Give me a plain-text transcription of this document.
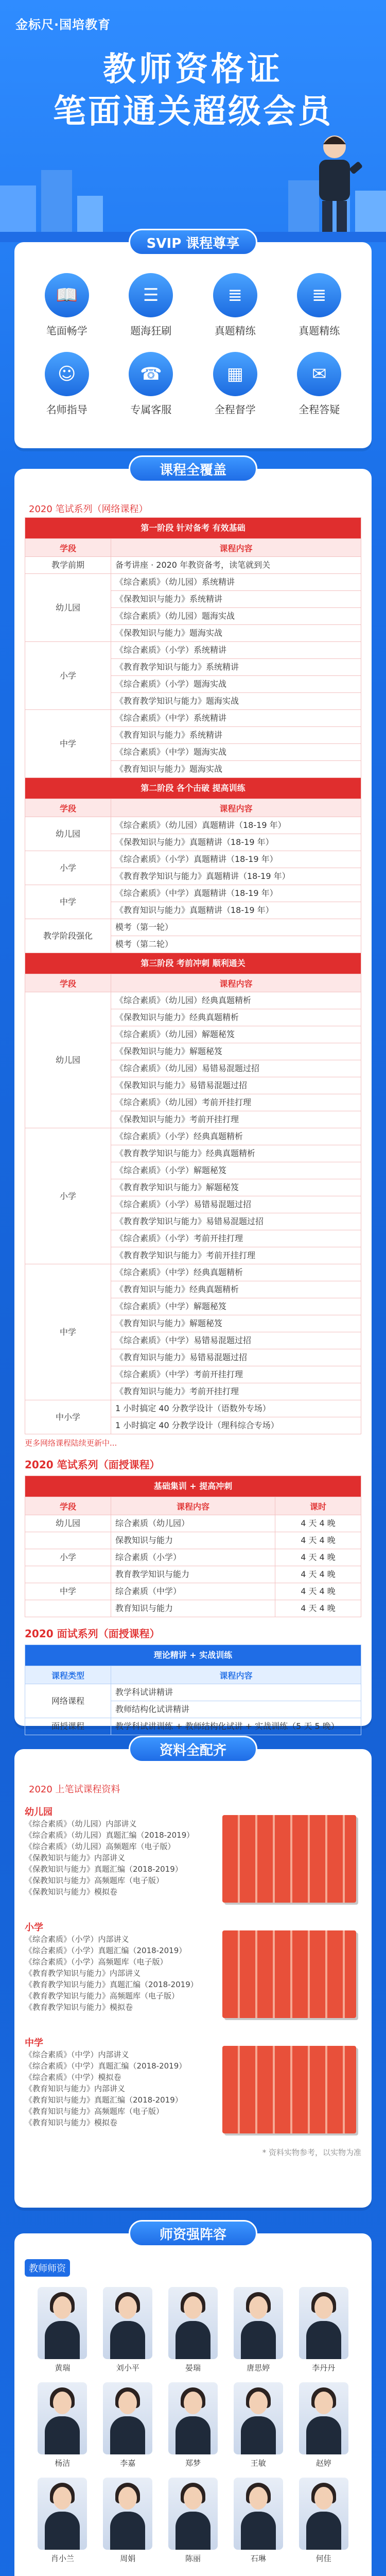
金标尺·国培教育
教师资格证
笔面通关超级会员
SVIP 课程尊享
📖
笔面畅学
☰
题海狂刷
≣
真题精练
≣
真题精练
☺
名师指导
☎
专属客服
▦
全程督学
✉
全程答疑
课程全覆盖
2020 笔试系列（网络课程）
第一阶段 针对备考 有效基础	
学段	课程内容
教学前期	备考讲座 · 2020 年教资备考，读笔就到关
幼儿园	《综合素质》（幼儿园）系统精讲
	《保教知识与能力》系统精讲
	《综合素质》（幼儿园）题海实战
	《保教知识与能力》题海实战
小学	《综合素质》（小学）系统精讲
	《教育教学知识与能力》系统精讲
	《综合素质》（小学）题海实战
	《教育教学知识与能力》题海实战
中学	《综合素质》（中学）系统精讲
	《教育知识与能力》系统精讲
	《综合素质》（中学）题海实战
	《教育知识与能力》题海实战
第二阶段 各个击破 提高训练	
学段	课程内容
幼儿园	《综合素质》（幼儿园）真题精讲（18-19 年）
	《保教知识与能力》真题精讲（18-19 年）
小学	《综合素质》（小学）真题精讲（18-19 年）
	《教育教学知识与能力》真题精讲（18-19 年）
中学	《综合素质》（中学）真题精讲（18-19 年）
	《教育知识与能力》真题精讲（18-19 年）
教学阶段强化	模考（第一轮）
	模考（第二轮）
第三阶段 考前冲刺 顺利通关	
学段	课程内容
幼儿园	《综合素质》（幼儿园）经典真题精析
	《保教知识与能力》经典真题精析
	《综合素质》（幼儿园）解题秘笈
	《保教知识与能力》解题秘笈
	《综合素质》（幼儿园）易错易混题过招
	《保教知识与能力》易错易混题过招
	《综合素质》（幼儿园）考前开挂打理
	《保教知识与能力》考前开挂打理
小学	《综合素质》（小学）经典真题精析
	《教育教学知识与能力》经典真题精析
	《综合素质》（小学）解题秘笈
	《教育教学知识与能力》解题秘笈
	《综合素质》（小学）易错易混题过招
	《教育教学知识与能力》易错易混题过招
	《综合素质》（小学）考前开挂打理
	《教育教学知识与能力》考前开挂打理
中学	《综合素质》（中学）经典真题精析
	《教育知识与能力》经典真题精析
	《综合素质》（中学）解题秘笈
	《教育知识与能力》解题秘笈
	《综合素质》（中学）易错易混题过招
	《教育知识与能力》易错易混题过招
	《综合素质》（中学）考前开挂打理
	《教育知识与能力》考前开挂打理
中小学	1 小时搞定 40 分教学设计（语数外专场）
	1 小时搞定 40 分教学设计（理科综合专场）
更多网络课程陆续更新中...
2020 笔试系列（面授课程）
基础集训 + 提高冲刺		
学段	课程内容	课时
幼儿园	综合素质（幼儿园）	4 天 4 晚
	保教知识与能力	4 天 4 晚
小学	综合素质（小学）	4 天 4 晚
	教育教学知识与能力	4 天 4 晚
中学	综合素质（中学）	4 天 4 晚
	教育知识与能力	4 天 4 晚
2020 面试系列（面授课程）
理论精讲 + 实战训练	
课程类型	课程内容
网络课程	教学科试讲精讲
	教师结构化试讲精讲
面授课程	教学科试讲训练 + 教师结构化试讲 + 实战训练（5 天 5 晚）
资料全配齐
2020 上笔试课程资料
幼儿园
《综合素质》（幼儿园）内部讲义
《综合素质》（幼儿园）真题汇编（2018-2019）
《综合素质》（幼儿园）高频题库（电子版）
《保教知识与能力》内部讲义
《保教知识与能力》真题汇编（2018-2019）
《保教知识与能力》高频题库（电子版）
《保教知识与能力》模拟卷
小学
《综合素质》（小学）内部讲义
《综合素质》（小学）真题汇编（2018-2019）
《综合素质》（小学）高频题库（电子版）
《教育教学知识与能力》内部讲义
《教育教学知识与能力》真题汇编（2018-2019）
《教育教学知识与能力》高频题库（电子版）
《教育教学知识与能力》模拟卷
中学
《综合素质》（中学）内部讲义
《综合素质》（中学）真题汇编（2018-2019）
《综合素质》（中学）模拟卷
《教育知识与能力》内部讲义
《教育知识与能力》真题汇编（2018-2019）
《教育知识与能力》高频题库（电子版）
《教育知识与能力》模拟卷
* 资料实物参考，以实物为准
师资强阵容
教师师资
黄瑞	刘小平	晏瑞	唐思婷	李丹丹
杨洁	李嘉	郑梦	王敏	赵婷
肖小兰	周娟	陈丽	石琳	何佳
